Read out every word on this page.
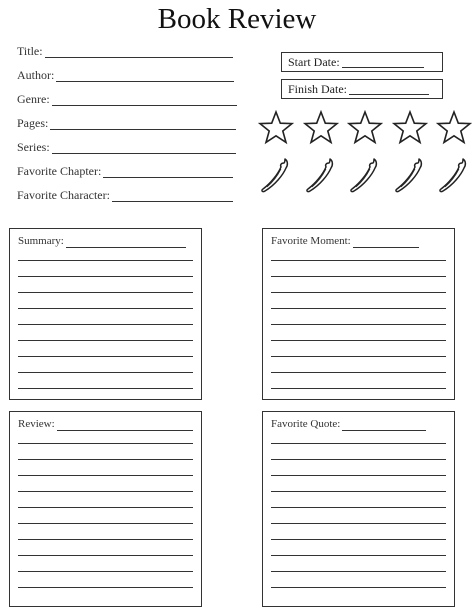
Book Review
Title:
Author:
Genre:
Pages:
Series:
Favorite Chapter:
Favorite Character:
Start Date:
Finish Date:
Summary:	Favorite Moment:
Review:	Favorite Quote:
